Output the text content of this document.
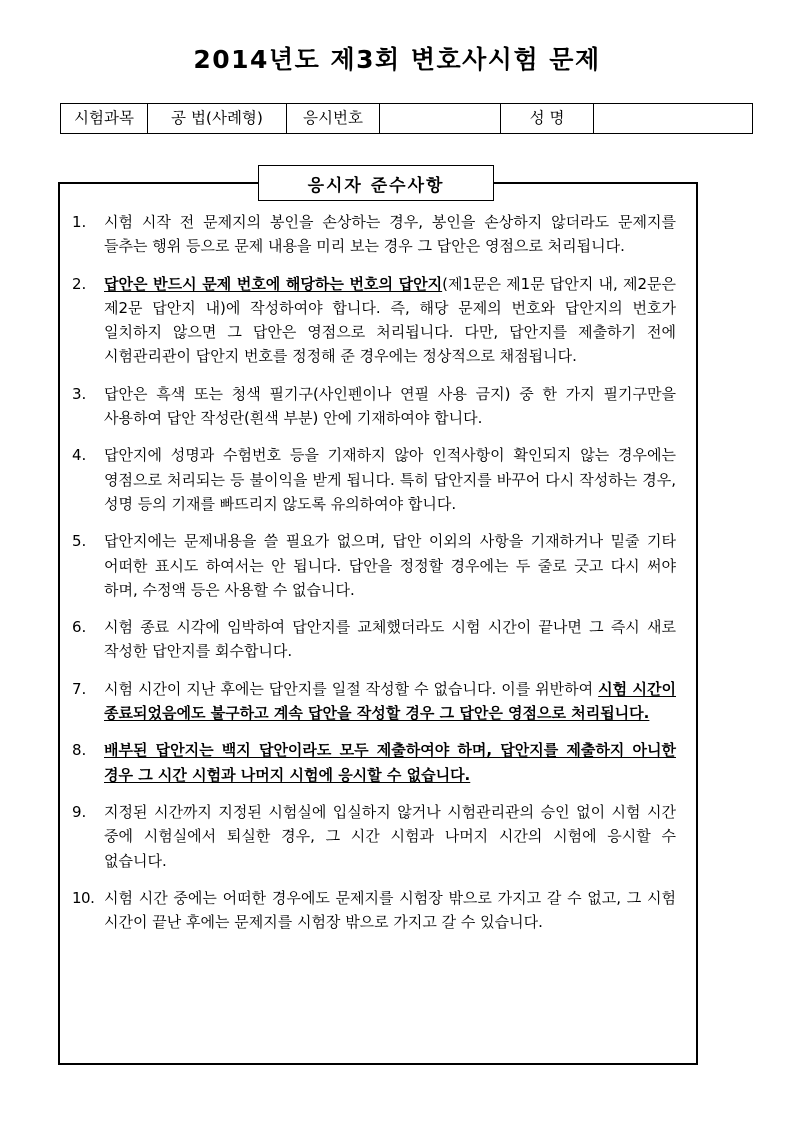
2014년도 제3회 변호사시험 문제
시험과목	공 법(사례형)	응시번호		성 명	
응시자 준수사항
1.	시험 시작 전 문제지의 봉인을 손상하는 경우, 봉인을 손상하지 않더라도 문제지를 들추는 행위 등으로 문제 내용을 미리 보는 경우 그 답안은 영점으로 처리됩니다.
2.	답안은 반드시 문제 번호에 해당하는 번호의 답안지(제1문은 제1문 답안지 내, 제2문은 제2문 답안지 내)에 작성하여야 합니다. 즉, 해당 문제의 번호와 답안지의 번호가 일치하지 않으면 그 답안은 영점으로 처리됩니다. 다만, 답안지를 제출하기 전에 시험관리관이 답안지 번호를 정정해 준 경우에는 정상적으로 채점됩니다.
3.	답안은 흑색 또는 청색 필기구(사인펜이나 연필 사용 금지) 중 한 가지 필기구만을 사용하여 답안 작성란(흰색 부분) 안에 기재하여야 합니다.
4.	답안지에 성명과 수험번호 등을 기재하지 않아 인적사항이 확인되지 않는 경우에는 영점으로 처리되는 등 불이익을 받게 됩니다. 특히 답안지를 바꾸어 다시 작성하는 경우, 성명 등의 기재를 빠뜨리지 않도록 유의하여야 합니다.
5.	답안지에는 문제내용을 쓸 필요가 없으며, 답안 이외의 사항을 기재하거나 밑줄 기타 어떠한 표시도 하여서는 안 됩니다. 답안을 정정할 경우에는 두 줄로 긋고 다시 써야 하며, 수정액 등은 사용할 수 없습니다.
6.	시험 종료 시각에 임박하여 답안지를 교체했더라도 시험 시간이 끝나면 그 즉시 새로 작성한 답안지를 회수합니다.
7.	시험 시간이 지난 후에는 답안지를 일절 작성할 수 없습니다. 이를 위반하여 시험 시간이 종료되었음에도 불구하고 계속 답안을 작성할 경우 그 답안은 영점으로 처리됩니다.
8.	배부된 답안지는 백지 답안이라도 모두 제출하여야 하며, 답안지를 제출하지 아니한 경우 그 시간 시험과 나머지 시험에 응시할 수 없습니다.
9.	지정된 시간까지 지정된 시험실에 입실하지 않거나 시험관리관의 승인 없이 시험 시간 중에 시험실에서 퇴실한 경우, 그 시간 시험과 나머지 시간의 시험에 응시할 수 없습니다.
10. 시험 시간 중에는 어떠한 경우에도 문제지를 시험장 밖으로 가지고 갈 수 없고, 그 시험 시간이 끝난 후에는 문제지를 시험장 밖으로 가지고 갈 수 있습니다.
